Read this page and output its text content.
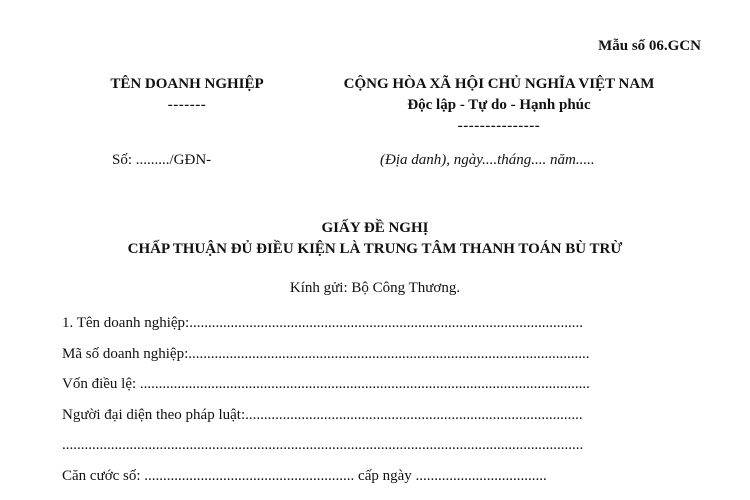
Mẫu số 06.GCN
TÊN DOANH NGHIỆP
-------
CỘNG HÒA XÃ HỘI CHỦ NGHĨA VIỆT NAM
Độc lập - Tự do - Hạnh phúc
---------------
Số: ........./GĐN-	(Địa danh), ngày....tháng.... năm.....
GIẤY ĐỀ NGHỊ
CHẤP THUẬN ĐỦ ĐIỀU KIỆN LÀ TRUNG TÂM THANH TOÁN BÙ TRỪ
Kính gửi: Bộ Công Thương.
1. Tên doanh nghiệp:.........................................................................................................
Mã số doanh nghiệp:...........................................................................................................
Vốn điều lệ: ........................................................................................................................
Người đại diện theo pháp luật:..........................................................................................
...........................................................................................................................................
Căn cước số: ........................................................ cấp ngày ...................................
